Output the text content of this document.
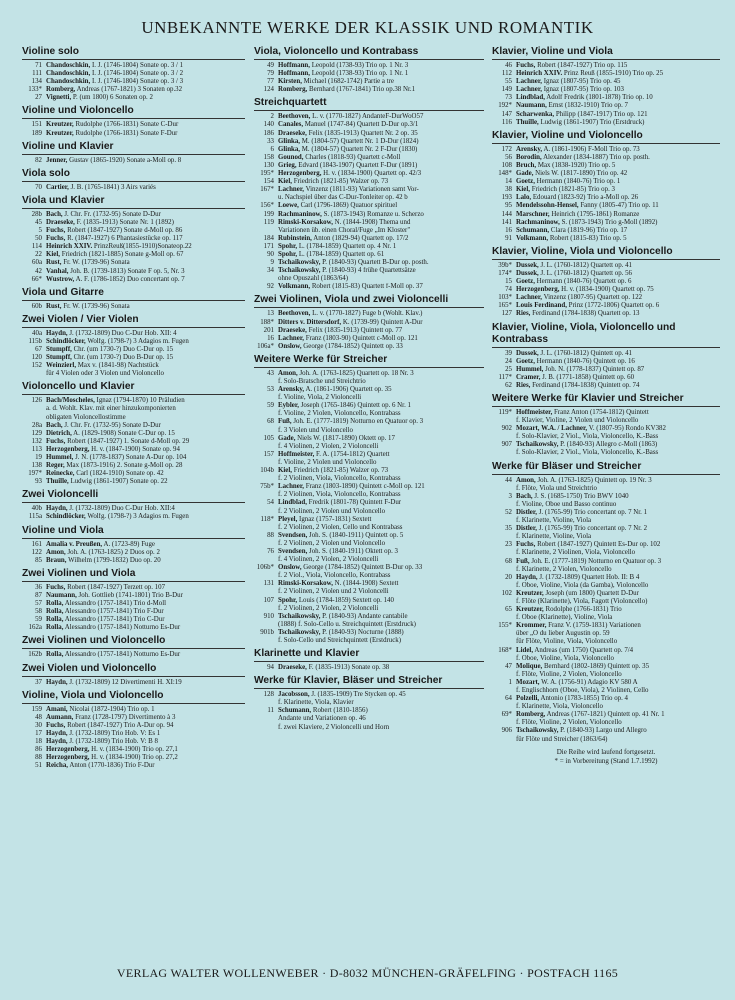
UNBEKANNTE WERKE DER KLASSIK UND ROMANTIK
Violine solo
71 Chandoschkin, I. J. (1746-1804) Sonate op. 3 / 1
111 Chandoschkin, I. J. (1746-1804) Sonate op. 3 / 2
134 Chandoschkin, I. J. (1746-1804) Sonate op. 3 / 3
133* Romberg, Andreas (1767-1821) 3 Sonaten op.32
27 Vignetti, P. (um 1800) 6 Sonaten op. 2
Violine und Violoncello
151 Kreutzer, Rudolphe (1766-1831) Sonate C-Dur
189 Kreutzer, Rudolphe (1766-1831) Sonate F-Dur
Violine und Klavier
82 Jenner, Gustav (1865-1920) Sonate a-Moll op. 8
Viola solo
70 Cartier, J. B. (1765-1841) 3 Airs variés
Viola und Klavier
28b Bach, J. Chr. Fr. (1732-95) Sonate D-Dur
45 Draeseke, F. (1835-1913) Sonate Nr. 1 (1892)
5 Fuchs, Robert (1847-1927) Sonate d-Moll op. 86
50 Fuchs, R. (1847-1927) 6 Phantasiestücke op. 117
114 Heinrich XXIV. PrinzReuß(1855-1910)Sonateop.22
22 Kiel, Friedrich (1821-1885) Sonate g-Moll op. 67
60a Rust, Fr. W. (1739-96) Sonata
42 Vanhal, Joh. B. (1739-1813) Sonate F op. 5, Nr. 3
66* Wustrow, A. F. (1786-1852) Duo concertant op. 7
Viola und Gitarre
60b Rust, Fr. W. (1739-96) Sonata
Zwei Violen / Vier Violen
40a Haydn, J. (1732-1809) Duo C-Dur Hob. XII: 4
115b Schindlöcker, Wolfg. (1798-?) 3 Adagios m. Fugen
67 Stumpff, Chr. (um 1730-?) Duo C-Dur op. 15
120 Stumpff, Chr. (um 1730-?) Duo B-Dur op. 15
152 Weinzierl, Max v. (1841-98) Nachtstück
für 4 Violen oder 3 Violen und Violoncello
Violoncello und Klavier
126 Bach/Moscheles, Ignaz (1794-1870) 10 Präludien
a. d. Wohlt. Klav. mit einer hinzukomponierten
obligaten Violoncellostimme
28a Bach, J. Chr. Fr. (1732-95) Sonate D-Dur
129 Dietrich, A. (1829-1908) Sonate C-Dur op. 15
132 Fuchs, Robert (1847-1927) 1. Sonate d-Moll op. 29
113 Herzogenberg, H. v. (1847-1900) Sonate op. 94
19 Hummel, J. N. (1778-1837) Sonate A-Dur op. 104
138 Reger, Max (1873-1916) 2. Sonate g-Moll op. 28
197* Reinecke, Carl (1824-1910) Sonate op. 42
93 Thuille, Ludwig (1861-1907) Sonate op. 22
Zwei Violoncelli
40b Haydn, J. (1732-1809) Duo C-Dur Hob. XII:4
115a Schindlöcker, Wolfg. (1798-?) 3 Adagios m. Fugen
Violine und Viola
161 Amalia v. Preußen, A. (1723-89) Fuge
122 Amon, Joh. A. (1763-1825) 2 Duos op. 2
85 Braun, Wilhelm (1799-1832) Duo op. 20
Zwei Violinen und Viola
36 Fuchs, Robert (1847-1927) Terzett op. 107
87 Naumann, Joh. Gottlieb (1741-1801) Trio B-Dur
57 Rolla, Alessandro (1757-1841) Trio d-Moll
58 Rolla, Alessandro (1757-1841) Trio F-Dur
59 Rolla, Alessandro (1757-1841) Trio C-Dur
162a Rolla, Alessandro (1757-1841) Notturno Es-Dur
Zwei Violinen und Violoncello
162b Rolla, Alessandro (1757-1841) Notturno Es-Dur
Zwei Violen und Violoncello
37 Haydn, J. (1732-1809) 12 Divertimenti H. XI:19
Violine, Viola und Violoncello
159 Amani, Nicolai (1872-1904) Trio op. 1
48 Aumann, Franz (1728-1797) Divertimento à 3
30 Fuchs, Robert (1847-1927) Trio A-Dur op. 94
17 Haydn, J. (1732-1809) Trio Hob. V: Es 1
18 Haydn, J. (1732-1809) Trio Hob. V: B 8
86 Herzogenberg, H. v. (1834-1900) Trio op. 27,1
88 Herzogenberg, H. v. (1834-1900) Trio op. 27,2
51 Reicha, Anton (1770-1836) Trio F-Dur
Viola, Violoncello und Kontrabass
49 Hoffmann, Leopold (1738-93) Trio op. 1 Nr. 3
79 Hoffmann, Leopold (1738-93) Trio op. 1 Nr. 1
77 Kirsten, Michael (1682-1742) Partie a tre
124 Romberg, Bernhard (1767-1841) Trio op.38 Nr.1
Streichquartett
2 Beethoven, L. v. (1770-1827) AndanteF-DurWoO57
140 Canales, Manuel (1747-84) Quartett D-Dur op.3/1
186 Draeseke, Felix (1835-1913) Quartett Nr. 2 op. 35
33 Glinka, M. (1804-57) Quartett Nr. 1 D-Dur (1824)
6 Glinka, M. (1804-57) Quartett Nr. 2 F-Dur (1830)
158 Gounod, Charles (1818-93) Quartett c-Moll
130 Grieg, Edvard (1843-1907) Quartett F-Dur (1891)
195* Herzogenberg, H. v. (1834-1900) Quartett op. 42/3
154 Kiel, Friedrich (1821-85) Walzer op. 73
167* Lachner, Vinzenz (1811-93) Variationen samt Vor-
u. Nachspiel über das C-Dur-Tonleiter op. 42 b
156* Loewe, Carl (1796-1869) Quatuor spirituel
199 Rachmaninow, S. (1873-1943) Romanze u. Scherzo
119 Rimski-Korsakow, N. (1844-1908) Thema und
Variationen üb. einen Choral/Fuge „Im Kloster"
184 Rubinstein, Anton (1829-94) Quartett op. 17/2
171 Spohr, L. (1784-1859) Quartett op. 4 Nr. 1
90 Spohr, L. (1784-1859) Quartett op. 61
9 Tschaikowsky, P. (1840-93) Quartett B-Dur op. posth.
34 Tschaikowsky, P. (1840-93) 4 frühe Quartettsätze
ohne Opuszahl (1863/64)
92 Volkmann, Robert (1815-83) Quartett f-Moll op. 37
Zwei Violinen, Viola und zwei Violoncelli
13 Beethoven, L. v. (1770-1827) Fuge b (Wohlt. Klav.)
188* Ditters v. Dittersdorf, K. (1739-99) Quintett A-Dur
201 Draeseke, Felix (1835-1913) Quintett op. 77
16 Lachner, Franz (1803-90) Quintett c-Moll op. 121
106a* Onslow, George (1784-1852) Quintett op. 33
Weitere Werke für Streicher
43 Amon, Joh. A. (1763-1825) Quartett op. 18 Nr. 3
f. Solo-Bratsche und Streichtrio
53 Arensky, A. (1861-1906) Quartett op. 35
f. Violine, Viola, 2 Violoncelli
59 Eybler, Joseph (1765-1846) Quintett op. 6 Nr. 1
f. Violine, 2 Violen, Violoncello, Kontrabass
68 Fuß, Joh. E. (1777-1819) Notturno en Quatuor op. 3
f. 3 Violen und Violoncello
105 Gade, Niels W. (1817-1890) Oktett op. 17
f. 4 Violinen, 2 Violen, 2 Violoncelli
157 Hoffmeister, F. A. (1754-1812) Quartett
f. Violine, 2 Violen und Violoncello
104b Kiel, Friedrich (1821-85) Walzer op. 73
f. 2 Violinen, Viola, Violoncello, Kontrabass
75b* Lachner, Franz (1803-1890) Quintett c-Moll op. 121
f. 2 Violinen, Viola, Violoncello, Kontrabass
54 Lindblad, Fredrik (1801-78) Quintett F-Dur
f. 2 Violinen, 2 Violen und Violoncello
118* Pleyel, Ignaz (1757-1831) Sextett
f. 2 Violinen, 2 Violen, Cello und Kontrabass
88 Svendsen, Joh. S. (1840-1911) Quintett op. 5
f. 2 Violinen, 2 Violen und Violoncello
76 Svendsen, Joh. S. (1840-1911) Oktett op. 3
f. 4 Violinen, 2 Violen, 2 Violoncelli
106b* Onslow, George (1784-1852) Quintett B-Dur op. 33
f. 2 Viol., Viola, Violoncello, Kontrabass
131 Rimski-Korsakow, N. (1844-1908) Sextett
f. 2 Violinen, 2 Violen und 2 Violoncelli
107 Spohr, Louis (1784-1859) Sextett op. 140
f. 2 Violinen, 2 Violen, 2 Violoncelli
910 Tschaikowsky, P. (1840-93) Andante cantabile
(1888) f. Solo-Cello u. Streichquintett (Erstdruck)
901b Tschaikowsky, P. (1840-93) Nocturne (1888)
f. Solo-Cello und Streichquintett (Erstdruck)
Klarinette und Klavier
94 Draeseke, F. (1835-1913) Sonate op. 38
Werke für Klavier, Bläser und Streicher
128 Jacobsson, J. (1835-1909) Tre Stycken op. 45
f. Klarinette, Viola, Klavier
11 Schumann, Robert (1810-1856)
Andante und Variationen op. 46
f. zwei Klaviere, 2 Violoncelli und Horn
Klavier, Violine und Viola
46 Fuchs, Robert (1847-1927) Trio op. 115
112 Heinrich XXIV. Prinz Reuß (1855-1910) Trio op. 25
55 Lachner, Ignaz (1807-95) Trio op. 45
149 Lachner, Ignaz (1807-95) Trio op. 103
73 Lindblad, Adolf Fredrik (1801-1878) Trio op. 10
192* Naumann, Ernst (1832-1910) Trio op. 7
147 Scharwenka, Philipp (1847-1917) Trio op. 121
116 Thuille, Ludwig (1861-1907) Trio (Erstdruck)
Klavier, Violine und Violoncello
172 Arensky, A. (1861-1906) F-Moll Trio op. 73
56 Borodin, Alexander (1834-1887) Trio op. posth.
108 Bruch, Max (1838-1920) Trio op. 5
148* Gade, Niels W. (1817-1890) Trio op. 42
14 Goetz, Hermann (1840-76) Trio op. 1
38 Kiel, Friedrich (1821-85) Trio op. 3
193 Lalo, Edouard (1823-92) Trio a-Moll op. 26
95 Mendelssohn-Hensel, Fanny (1805-47) Trio op. 11
144 Marschner, Heinrich (1795-1861) Romanze
141 Rachmaninow, S. (1873-1943) Trio g-Moll (1892)
16 Schumann, Clara (1819-96) Trio op. 17
91 Volkmann, Robert (1815-83) Trio op. 5
Klavier, Violine, Viola und Violoncello
39b* Dussek, J. L. (1760-1812) Quartett op. 41
174* Dussek, J. L. (1760-1812) Quartett op. 56
15 Goetz, Hermann (1840-76) Quartett op. 6
74 Herzogenberg, H. v. (1834-1900) Quartett op. 75
103* Lachner, Vinzenz (1807-95) Quartett op. 122
165* Louis Ferdinand, Prinz (1772-1806) Quartett op. 6
127 Ries, Ferdinand (1784-1838) Quartett op. 13
Klavier, Violine, Viola, Violoncello und Kontrabass
39 Dussek, J. L. (1760-1812) Quintett op. 41
24 Goetz, Hermann (1840-76) Quintett op. 16
25 Hummel, Joh. N. (1778-1837) Quintett op. 87
117* Cramer, J. B. (1771-1858) Quintett op. 60
62 Ries, Ferdinand (1784-1838) Quintett op. 74
Weitere Werke für Klavier und Streicher
119* Hoffmeister, Franz Anton (1754-1812) Quintett
f. Klavier, Violine, 2 Violen und Violoncello
902 Mozart, W.A. / Lachner, V. (1807-95) Rondo KV382
f. Solo-Klavier, 2 Viol., Viola, Violoncello, K.-Bass
907 Tschaikowsky, P. (1840-93) Allegro c-Moll (1863)
f. Solo-Klavier, 2 Viol., Viola, Violoncello, K.-Bass
Werke für Bläser und Streicher
44 Amon, Joh. A. (1763-1825) Quintett op. 19 Nr. 3
f. Flöte, Viola und Streichtrio
3 Bach, J. S. (1685-1750) Trio BWV 1040
f. Violine, Oboe und Basso continuo
52 Distler, J. (1765-99) Trio concertant op. 7 Nr. 1
f. Klarinette, Violine, Viola
35 Distler, J. (1765-99) Trio concertant op. 7 Nr. 2
f. Klarinette, Violine, Viola
23 Fuchs, Robert (1847-1927) Quintett Es-Dur op. 102
f. Klarinette, 2 Violinen, Viola, Violoncello
68 Fuß, Joh. E. (1777-1819) Notturno en Quatuor op. 3
f. Klarinette, 2 Violen, Violoncello
20 Haydn, J. (1732-1809) Quartett Hob. II: B 4
f. Oboe, Violine, Viola (da Gamba), Violoncello
102 Kreutzer, Joseph (um 1800) Quartett D-Dur
f. Flöte (Klarinette), Viola, Fagott (Violoncello)
65 Kreutzer, Rodolphe (1766-1831) Trio
f. Oboe (Klarinette), Violine, Viola
155* Krommer, Franz V. (1759-1831) Variationen
über „O du lieber Augustin op. 59
für Flöte, Violine, Viola, Violoncello
168* Lidel, Andreas (um 1750) Quartett op. 7/4
f. Oboe, Violine, Viola, Violoncello
47 Molique, Bernhard (1802-1869) Quintett op. 35
f. Flöte, Violine, 2 Violen, Violoncello
1 Mozart, W. A. (1756-91) Adagio KV 580 A
f. Englischhorn (Oboe, Viola), 2 Violinen, Cello
64 Polzelli, Antonio (1783-1855) Trio op. 4
f. Klarinette, Viola, Violoncello
69* Romberg, Andreas (1767-1821) Quintett op. 41 Nr. 1
f. Flöte, Violine, 2 Violen, Violoncello
906 Tschaikowsky, P. (1840-93) Largo und Allegro
für Flöte und Streicher (1863/64)
Die Reihe wird laufend fortgesetzt.
* = in Vorbereitung (Stand 1.7.1992)
VERLAG WALTER WOLLENWEBER · D-8032 MÜNCHEN-GRÄFELFING · POSTFACH 1165
